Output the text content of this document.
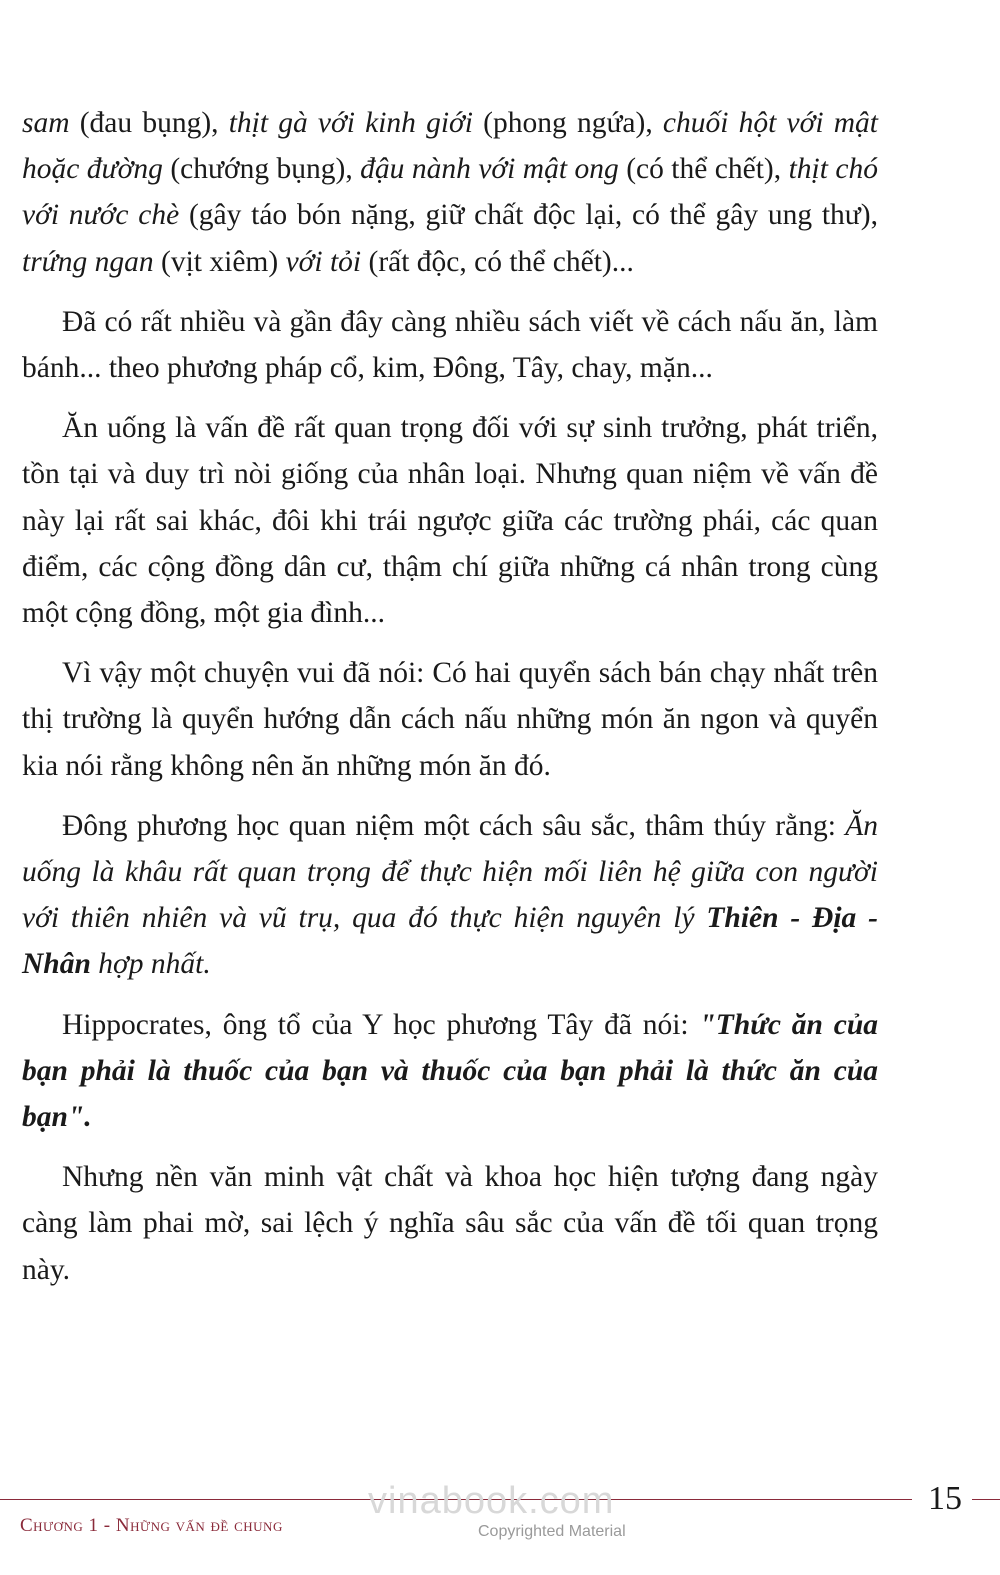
sam (đau bụng), thịt gà với kinh giới (phong ngứa), chuối hột với mật hoặc đường (chướng bụng), đậu nành với mật ong (có thể chết), thịt chó với nước chè (gây táo bón nặng, giữ chất độc lại, có thể gây ung thư), trứng ngan (vịt xiêm) với tỏi (rất độc, có thể chết)...

Đã có rất nhiều và gần đây càng nhiều sách viết về cách nấu ăn, làm bánh... theo phương pháp cổ, kim, Đông, Tây, chay, mặn...

Ăn uống là vấn đề rất quan trọng đối với sự sinh trưởng, phát triển, tồn tại và duy trì nòi giống của nhân loại. Nhưng quan niệm về vấn đề này lại rất sai khác, đôi khi trái ngược giữa các trường phái, các quan điểm, các cộng đồng dân cư, thậm chí giữa những cá nhân trong cùng một cộng đồng, một gia đình...

Vì vậy một chuyện vui đã nói: Có hai quyển sách bán chạy nhất trên thị trường là quyển hướng dẫn cách nấu những món ăn ngon và quyển kia nói rằng không nên ăn những món ăn đó.

Đông phương học quan niệm một cách sâu sắc, thâm thúy rằng: Ăn uống là khâu rất quan trọng để thực hiện mối liên hệ giữa con người với thiên nhiên và vũ trụ, qua đó thực hiện nguyên lý Thiên - Địa - Nhân hợp nhất.

Hippocrates, ông tổ của Y học phương Tây đã nói: "Thức ăn của bạn phải là thuốc của bạn và thuốc của bạn phải là thức ăn của bạn".

Nhưng nền văn minh vật chất và khoa học hiện tượng đang ngày càng làm phai mờ, sai lệch ý nghĩa sâu sắc của vấn đề tối quan trọng này.

15
Chương 1 - Những vấn đề chung
vinabook.com
Copyrighted Material
